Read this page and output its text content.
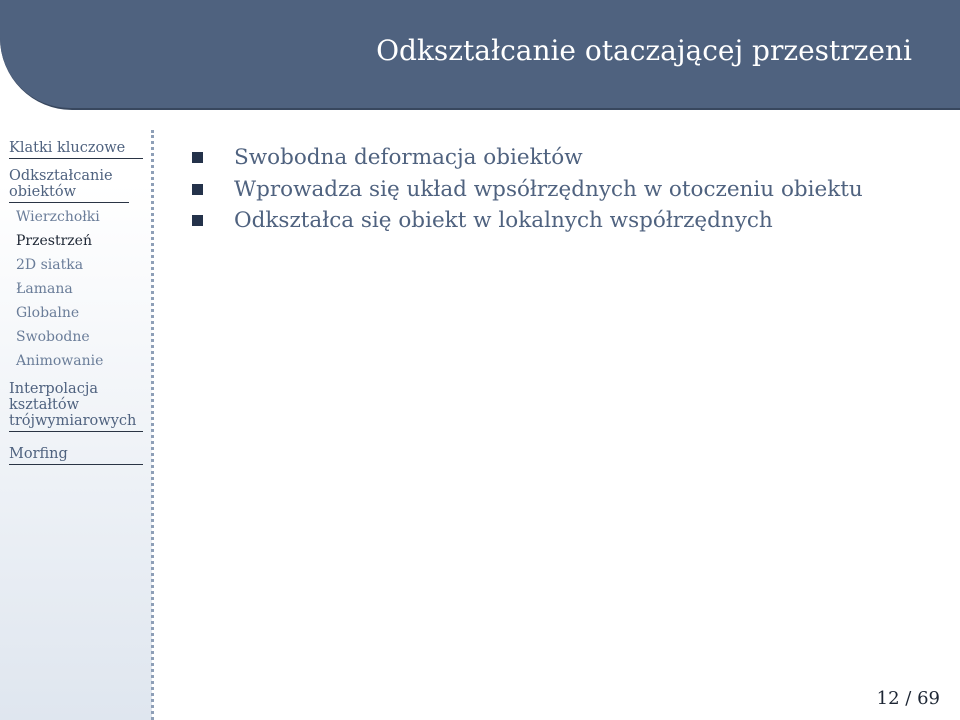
Odkształcanie otaczającej przestrzeni
Klatki kluczowe
Odkształcanie obiektów
Wierzchołki
Przestrzeń
2D siatka
Łamana
Globalne
Swobodne
Animowanie
Interpolacja kształtów trójwymiarowych
Morfing
Swobodna deformacja obiektów
Wprowadza się układ wpsółrzędnych w otoczeniu obiektu
Odkształca się obiekt w lokalnych współrzędnych
12 / 69
